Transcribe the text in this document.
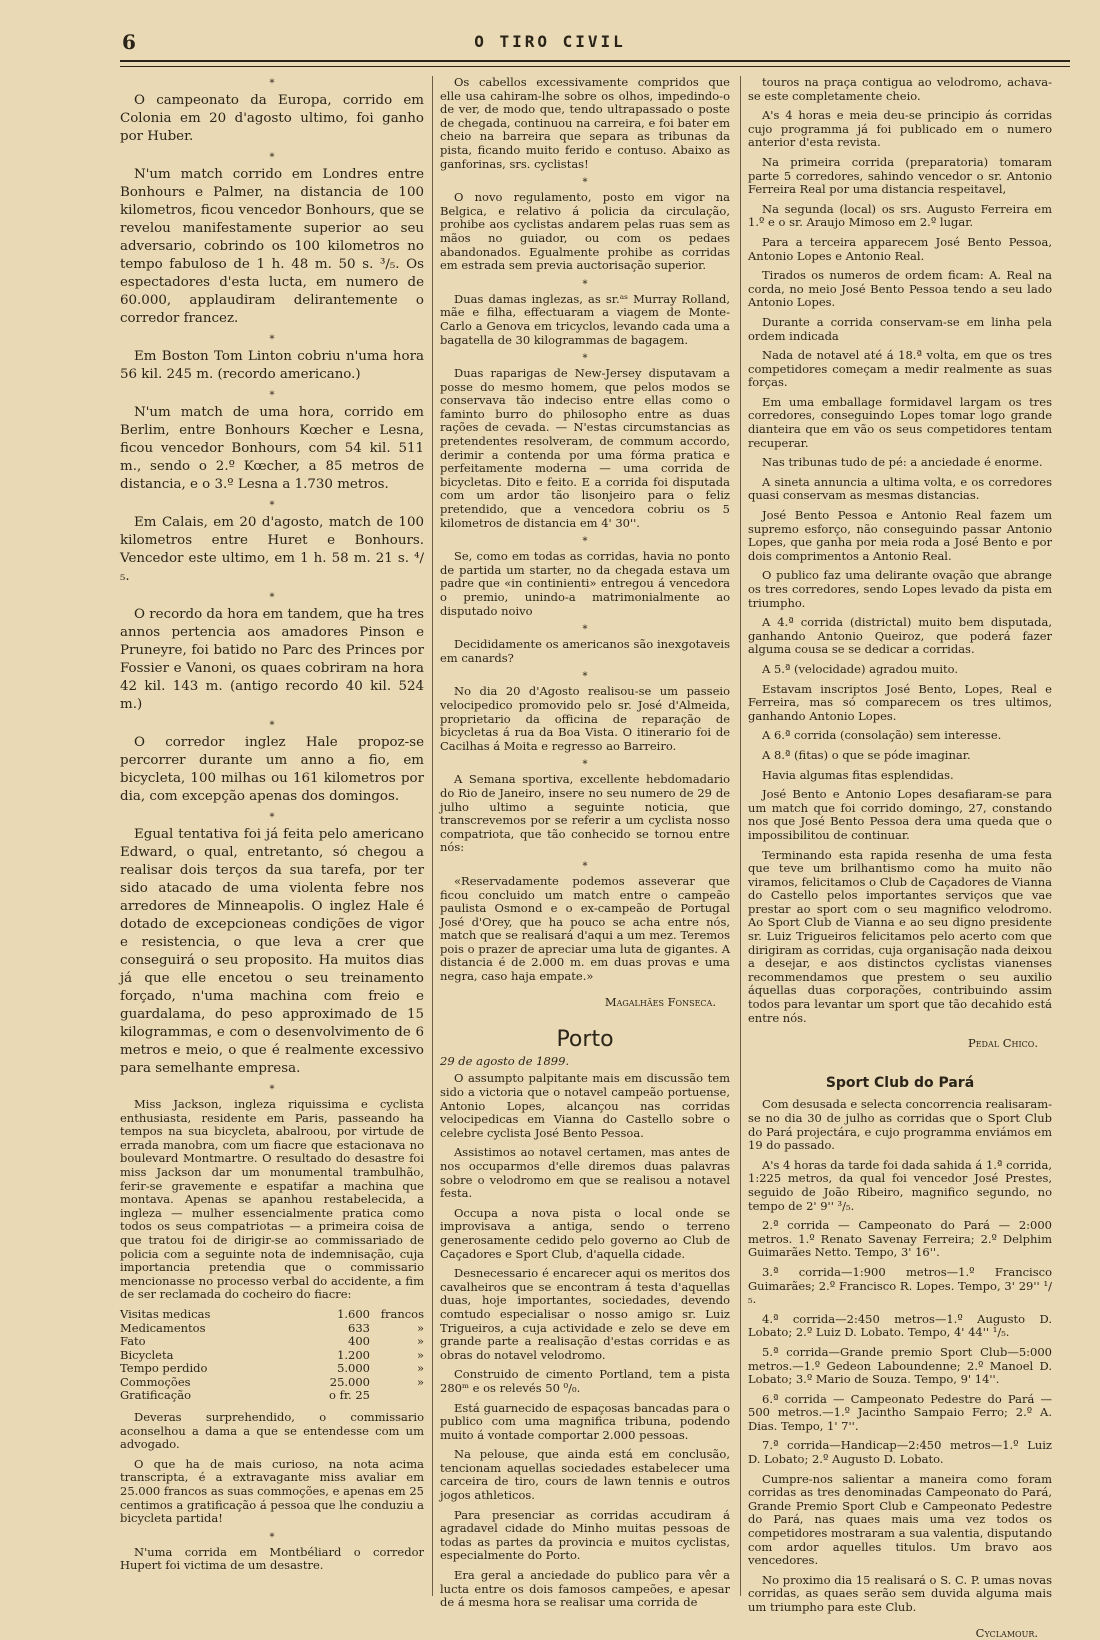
6	O TIRO CIVIL
*

O campeonato da Europa, corrido em Colonia em 20 d'agosto ultimo, foi ganho por Huber.

*

N'um match corrido em Londres entre Bonhours e Palmer, na distancia de 100 kilometros, ficou vencedor Bonhours, que se revelou manifestamente superior ao seu adversario, cobrindo os 100 kilometros no tempo fabuloso de 1 h. 48 m. 50 s. ³/₅. Os espectadores d'esta lucta, em numero de 60.000, applaudiram delirantemente o corredor francez.

*

Em Boston Tom Linton cobriu n'uma hora 56 kil. 245 m. (recordo americano.)

*

N'um match de uma hora, corrido em Berlim, entre Bonhours Kœcher e Lesna, ficou vencedor Bonhours, com 54 kil. 511 m., sendo o 2.º Kœcher, a 85 metros de distancia, e o 3.º Lesna a 1.730 metros.

*

Em Calais, em 20 d'agosto, match de 100 kilometros entre Huret e Bonhours. Vencedor este ultimo, em 1 h. 58 m. 21 s. ⁴/₅.

*

O recordo da hora em tandem, que ha tres annos pertencia aos amadores Pinson e Pruneyre, foi batido no Parc des Princes por Fossier e Vanoni, os quaes cobriram na hora 42 kil. 143 m. (antigo recordo 40 kil. 524 m.)

*

O corredor inglez Hale propoz-se percorrer durante um anno a fio, em bicycleta, 100 milhas ou 161 kilometros por dia, com excepção apenas dos domingos.

*

Egual tentativa foi já feita pelo americano Edward, o qual, entretanto, só chegou a realisar dois terços da sua tarefa, por ter sido atacado de uma violenta febre nos arredores de Minneapolis. O inglez Hale é dotado de excepcioneas condições de vigor e resistencia, o que leva a crer que conseguirá o seu proposito. Ha muitos dias já que elle encetou o seu treinamento forçado, n'uma machina com freio e guardalama, do peso approximado de 15 kilogrammas, e com o desenvolvimento de 6 metros e meio, o que é realmente excessivo para semelhante empresa.

*

Miss Jackson, ingleza riquissima e cyclista enthusiasta, residente em Paris, passeando ha tempos na sua bicycleta, abalroou, por virtude de errada manobra, com um fiacre que estacionava no boulevard Montmartre. O resultado do desastre foi miss Jackson dar um monumental trambulhão, ferir-se gravemente e espatifar a machina que montava. Apenas se apanhou restabelecida, a ingleza — mulher essencialmente pratica como todos os seus compatriotas — a primeira coisa de que tratou foi de dirigir-se ao commissariado de policia com a seguinte nota de indemnisação, cuja importancia pretendia que o commissario mencionasse no processo verbal do accidente, a fim de ser reclamada do cocheiro do fiacre:

Visitas medicas	1.600	francos
Medicamentos	633	»
Fato	400	»
Bicycleta	1.200	»
Tempo perdido	5.000	»
Commoções	25.000	»
Gratificação	o fr. 25	

Deveras surprehendido, o commissario aconselhou a dama a que se entendesse com um advogado.

O que ha de mais curioso, na nota acima transcripta, é a extravagante miss avaliar em 25.000 francos as suas commoções, e apenas em 25 centimos a gratificação á pessoa que lhe conduziu a bicycleta partida!

*

N'uma corrida em Montbéliard o corredor Hupert foi victima de um desastre.

Os cabellos excessivamente compridos que elle usa cahiram-lhe sobre os olhos, impedindo-o de ver, de modo que, tendo ultrapassado o poste de chegada, continuou na carreira, e foi bater em cheio na barreira que separa as tribunas da pista, ficando muito ferido e contuso. Abaixo as ganforinas, srs. cyclistas!

*

O novo regulamento, posto em vigor na Belgica, e relativo á policia da circulação, prohibe aos cyclistas andarem pelas ruas sem as mãos no guiador, ou com os pedaes abandonados. Egualmente prohibe as corridas em estrada sem previa auctorisação superior.

*

Duas damas inglezas, as sr.ᵃˢ Murray Rolland, mãe e filha, effectuaram a viagem de Monte-Carlo a Genova em tricyclos, levando cada uma a bagatella de 30 kilogrammas de bagagem.

*

Duas raparigas de New-Jersey disputavam a posse do mesmo homem, que pelos modos se conservava tão indeciso entre ellas como o faminto burro do philosopho entre as duas rações de cevada. — N'estas circumstancias as pretendentes resolveram, de commum accordo, derimir a contenda por uma fórma pratica e perfeitamente moderna — uma corrida de bicycletas. Dito e feito. E a corrida foi disputada com um ardor tão lisonjeiro para o feliz pretendido, que a vencedora cobriu os 5 kilometros de distancia em 4' 30''.

*

Se, como em todas as corridas, havia no ponto de partida um starter, no da chegada estava um padre que «in continienti» entregou á vencedora o premio, unindo-a matrimonialmente ao disputado noivo

*

Decididamente os americanos são inexgotaveis em canards?

*

No dia 20 d'Agosto realisou-se um passeio velocipedico promovido pelo sr. José d'Almeida, proprietario da officina de reparação de bicycletas á rua da Boa Vista. O itinerario foi de Cacilhas á Moita e regresso ao Barreiro.

*

A Semana sportiva, excellente hebdomadario do Rio de Janeiro, insere no seu numero de 29 de julho ultimo a seguinte noticia, que transcrevemos por se referir a um cyclista nosso compatriota, que tão conhecido se tornou entre nós:

*

«Reservadamente podemos asseverar que ficou concluido um match entre o campeão paulista Osmond e o ex-campeão de Portugal José d'Orey, que ha pouco se acha entre nós, match que se realisará d'aqui a um mez. Teremos pois o prazer de apreciar uma luta de gigantes. A distancia é de 2.000 m. em duas provas e uma negra, caso haja empate.»

Magalhães Fonseca.
Porto
29 de agosto de 1899.

O assumpto palpitante mais em discussão tem sido a victoria que o notavel campeão portuense, Antonio Lopes, alcançou nas corridas velocipedicas em Vianna do Castello sobre o celebre cyclista José Bento Pessoa.

Assistimos ao notavel certamen, mas antes de nos occuparmos d'elle diremos duas palavras sobre o velodromo em que se realisou a notavel festa.

Occupa a nova pista o local onde se improvisava a antiga, sendo o terreno generosamente cedido pelo governo ao Club de Caçadores e Sport Club, d'aquella cidade.

Desnecessario é encarecer aqui os meritos dos cavalheiros que se encontram á testa d'aquellas duas, hoje importantes, sociedades, devendo comtudo especialisar o nosso amigo sr. Luiz Trigueiros, a cuja actividade e zelo se deve em grande parte a realisação d'estas corridas e as obras do notavel velodromo.

Construido de cimento Portland, tem a pista 280ᵐ e os relevés 50 ⁰/₀.

Está guarnecido de espaçosas bancadas para o publico com uma magnifica tribuna, podendo muito á vontade comportar 2.000 pessoas.

Na pelouse, que ainda está em conclusão, tencionam aquellas sociedades estabelecer uma carceira de tiro, cours de lawn tennis e outros jogos athleticos.

Para presenciar as corridas accudiram á agradavel cidade do Minho muitas pessoas de todas as partes da provincia e muitos cyclistas, especialmente do Porto.

Era geral a anciedade do publico para vêr a lucta entre os dois famosos campeões, e apesar de á mesma hora se realisar uma corrida de

touros na praça contigua ao velodromo, achava-se este completamente cheio.

A's 4 horas e meia deu-se principio ás corridas cujo programma já foi publicado em o numero anterior d'esta revista.

Na primeira corrida (preparatoria) tomaram parte 5 corredores, sahindo vencedor o sr. Antonio Ferreira Real por uma distancia respeitavel,

Na segunda (local) os srs. Augusto Ferreira em 1.º e o sr. Araujo Mimoso em 2.º lugar.

Para a terceira apparecem José Bento Pessoa, Antonio Lopes e Antonio Real.

Tirados os numeros de ordem ficam: A. Real na corda, no meio José Bento Pessoa tendo a seu lado Antonio Lopes.

Durante a corrida conservam-se em linha pela ordem indicada

Nada de notavel até á 18.ª volta, em que os tres competidores começam a medir realmente as suas forças.

Em uma emballage formidavel largam os tres corredores, conseguindo Lopes tomar logo grande dianteira que em vão os seus competidores tentam recuperar.

Nas tribunas tudo de pé: a anciedade é enorme.

A sineta annuncia a ultima volta, e os corredores quasi conservam as mesmas distancias.

José Bento Pessoa e Antonio Real fazem um supremo esforço, não conseguindo passar Antonio Lopes, que ganha por meia roda a José Bento e por dois comprimentos a Antonio Real.

O publico faz uma delirante ovação que abrange os tres corredores, sendo Lopes levado da pista em triumpho.

A 4.ª corrida (districtal) muito bem disputada, ganhando Antonio Queiroz, que poderá fazer alguma cousa se se dedicar a corridas.

A 5.ª (velocidade) agradou muito.

Estavam inscriptos José Bento, Lopes, Real e Ferreira, mas só comparecem os tres ultimos, ganhando Antonio Lopes.

A 6.ª corrida (consolação) sem interesse.

A 8.ª (fitas) o que se póde imaginar.

Havia algumas fitas esplendidas.

José Bento e Antonio Lopes desafiaram-se para um match que foi corrido domingo, 27, constando nos que José Bento Pessoa dera uma queda que o impossibilitou de continuar.

Terminando esta rapida resenha de uma festa que teve um brilhantismo como ha muito não viramos, felicitamos o Club de Caçadores de Vianna do Castello pelos importantes serviços que vae prestar ao sport com o seu magnifico velodromo. Ao Sport Club de Vianna e ao seu digno presidente sr. Luiz Trigueiros felicitamos pelo acerto com que dirigiram as corridas, cuja organisação nada deixou a desejar, e aos distinctos cyclistas vianenses recommendamos que prestem o seu auxilio áquellas duas corporações, contribuindo assim todos para levantar um sport que tão decahido está entre nós.

Pedal Chico.
Sport Club do Pará

Com desusada e selecta concorrencia realisaram-se no dia 30 de julho as corridas que o Sport Club do Pará projectára, e cujo programma enviámos em 19 do passado.

A's 4 horas da tarde foi dada sahida á 1.ª corrida, 1:225 metros, da qual foi vencedor José Prestes, seguido de João Ribeiro, magnifico segundo, no tempo de 2' 9'' ³/₅.

2.ª corrida — Campeonato do Pará — 2:000 metros. 1.º Renato Savenay Ferreira; 2.º Delphim Guimarães Netto. Tempo, 3' 16''.

3.ª corrida—1:900 metros—1.º Francisco Guimarães; 2.º Francisco R. Lopes. Tempo, 3' 29'' ¹/₅.

4.ª corrida—2:450 metros—1.º Augusto D. Lobato; 2.º Luiz D. Lobato. Tempo, 4' 44'' ¹/₅.

5.ª corrida—Grande premio Sport Club—5:000 metros.—1.º Gedeon Laboundenne; 2.º Manoel D. Lobato; 3.º Mario de Souza. Tempo, 9' 14''.

6.ª corrida — Campeonato Pedestre do Pará — 500 metros.—1.º Jacintho Sampaio Ferro; 2.º A. Dias. Tempo, 1' 7''.

7.ª corrida—Handicap—2:450 metros—1.º Luiz D. Lobato; 2.º Augusto D. Lobato.

Cumpre-nos salientar a maneira como foram corridas as tres denominadas Campeonato do Pará, Grande Premio Sport Club e Campeonato Pedestre do Pará, nas quaes mais uma vez todos os competidores mostraram a sua valentia, disputando com ardor aquelles titulos. Um bravo aos vencedores.

No proximo dia 15 realisará o S. C. P. umas novas corridas, as quaes serão sem duvida alguma mais um triumpho para este Club.

Cyclamour.
